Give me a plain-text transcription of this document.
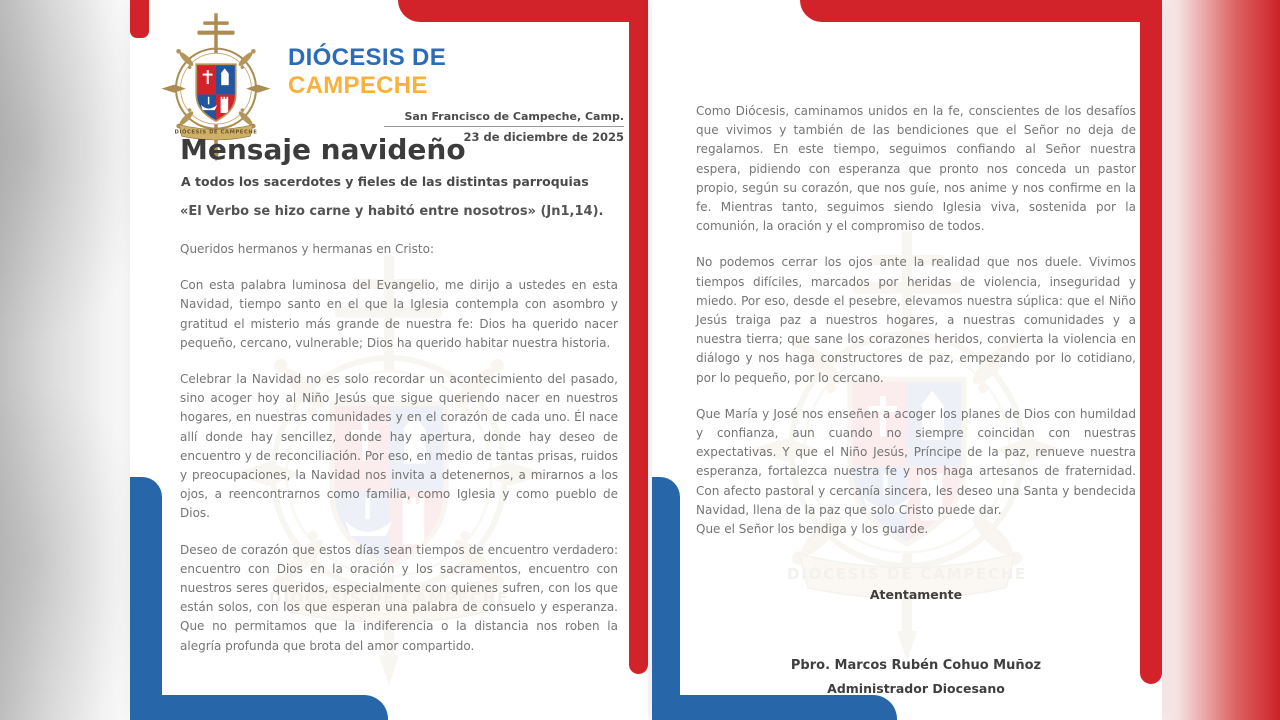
DIÓCESIS DE
CAMPECHE
San Francisco de Campeche, Camp.
23 de diciembre de 2025
Mensaje navideño
A todos los sacerdotes y fieles de las distintas parroquias
«El Verbo se hizo carne y habitó entre nosotros» (Jn1,14).

Queridos hermanos y hermanas en Cristo:

Con esta palabra luminosa del Evangelio, me dirijo a ustedes en esta Navidad, tiempo santo en el que la Iglesia contempla con asombro y gratitud el misterio más grande de nuestra fe: Dios ha querido nacer pequeño, cercano, vulnerable; Dios ha querido habitar nuestra historia.

Celebrar la Navidad no es solo recordar un acontecimiento del pasado, sino acoger hoy al Niño Jesús que sigue queriendo nacer en nuestros hogares, en nuestras comunidades y en el corazón de cada uno. Él nace allí donde hay sencillez, donde hay apertura, donde hay deseo de encuentro y de reconciliación. Por eso, en medio de tantas prisas, ruidos y preocupaciones, la Navidad nos invita a detenernos, a mirarnos a los ojos, a reencontrarnos como familia, como Iglesia y como pueblo de Dios.

Deseo de corazón que estos días sean tiempos de encuentro verdadero: encuentro con Dios en la oración y los sacramentos, encuentro con nuestros seres queridos, especialmente con quienes sufren, con los que están solos, con los que esperan una palabra de consuelo y esperanza. Que no permitamos que la indiferencia o la distancia nos roben la alegría profunda que brota del amor compartido.

Como Diócesis, caminamos unidos en la fe, conscientes de los desafíos que vivimos y también de las bendiciones que el Señor no deja de regalarnos. En este tiempo, seguimos confiando al Señor nuestra espera, pidiendo con esperanza que pronto nos conceda un pastor propio, según su corazón, que nos guíe, nos anime y nos confirme en la fe. Mientras tanto, seguimos siendo Iglesia viva, sostenida por la comunión, la oración y el compromiso de todos.

No podemos cerrar los ojos ante la realidad que nos duele. Vivimos tiempos difíciles, marcados por heridas de violencia, inseguridad y miedo. Por eso, desde el pesebre, elevamos nuestra súplica: que el Niño Jesús traiga paz a nuestros hogares, a nuestras comunidades y a nuestra tierra; que sane los corazones heridos, convierta la violencia en diálogo y nos haga constructores de paz, empezando por lo cotidiano, por lo pequeño, por lo cercano.

Que María y José nos enseñen a acoger los planes de Dios con humildad y confianza, aun cuando no siempre coincidan con nuestras expectativas. Y que el Niño Jesús, Príncipe de la paz, renueve nuestra esperanza, fortalezca nuestra fe y nos haga artesanos de fraternidad. Con afecto pastoral y cercanía sincera, les deseo una Santa y bendecida Navidad, llena de la paz que solo Cristo puede dar.

Que el Señor los bendiga y los guarde.

Atentamente
Pbro. Marcos Rubén Cohuo Muñoz
Administrador Diocesano
